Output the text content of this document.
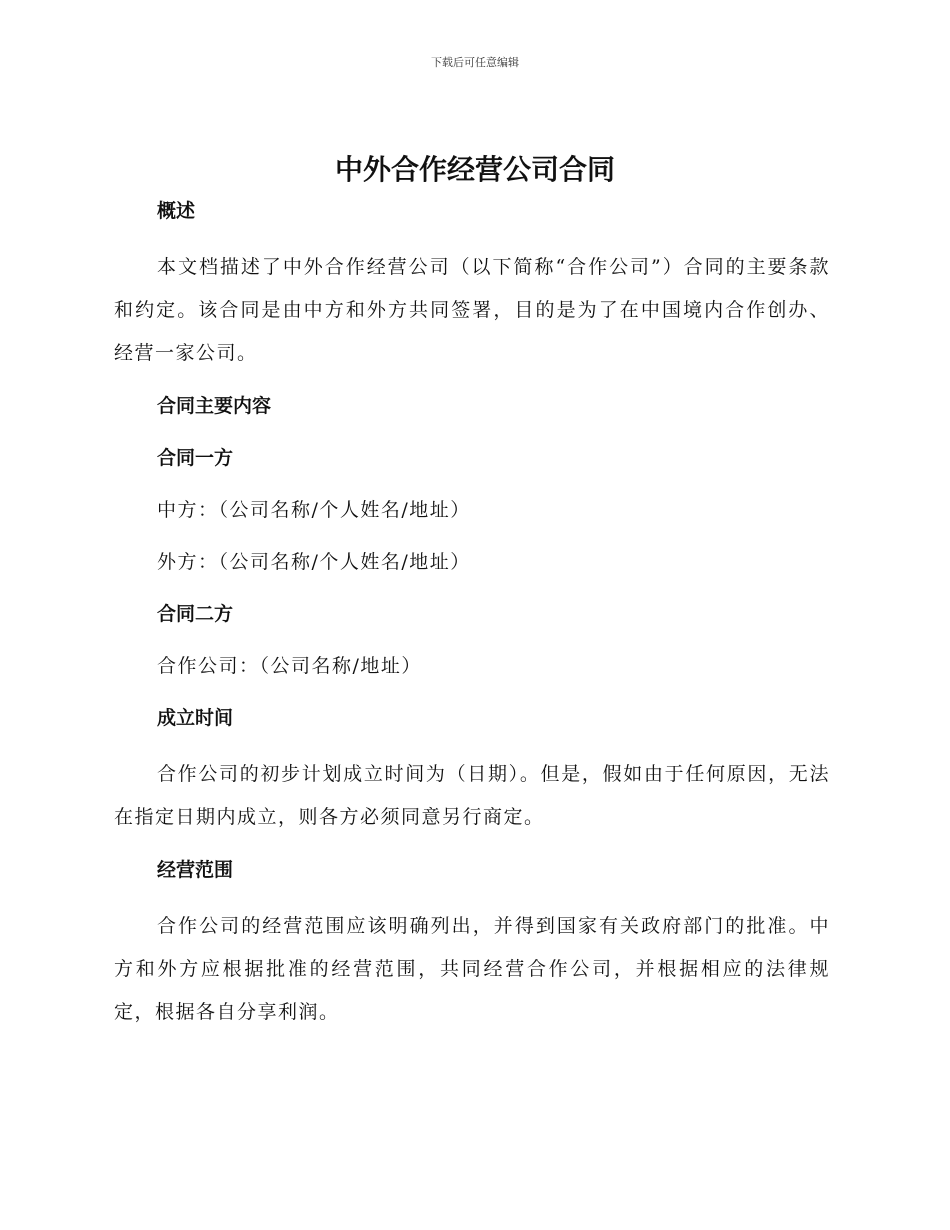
下载后可任意编辑
中外合作经营公司合同
概述

本文档描述了中外合作经营公司（以下简称“合作公司”）合同的主要条款和约定。该合同是由中方和外方共同签署，目的是为了在中国境内合作创办、经营一家公司。

合同主要内容
合同一方
中方：（公司名称/个人姓名/地址）
外方：（公司名称/个人姓名/地址）
合同二方
合作公司：（公司名称/地址）
成立时间

合作公司的初步计划成立时间为（日期）。但是，假如由于任何原因，无法在指定日期内成立，则各方必须同意另行商定。

经营范围

合作公司的经营范围应该明确列出，并得到国家有关政府部门的批准。中方和外方应根据批准的经营范围，共同经营合作公司，并根据相应的法律规定，根据各自分享利润。
